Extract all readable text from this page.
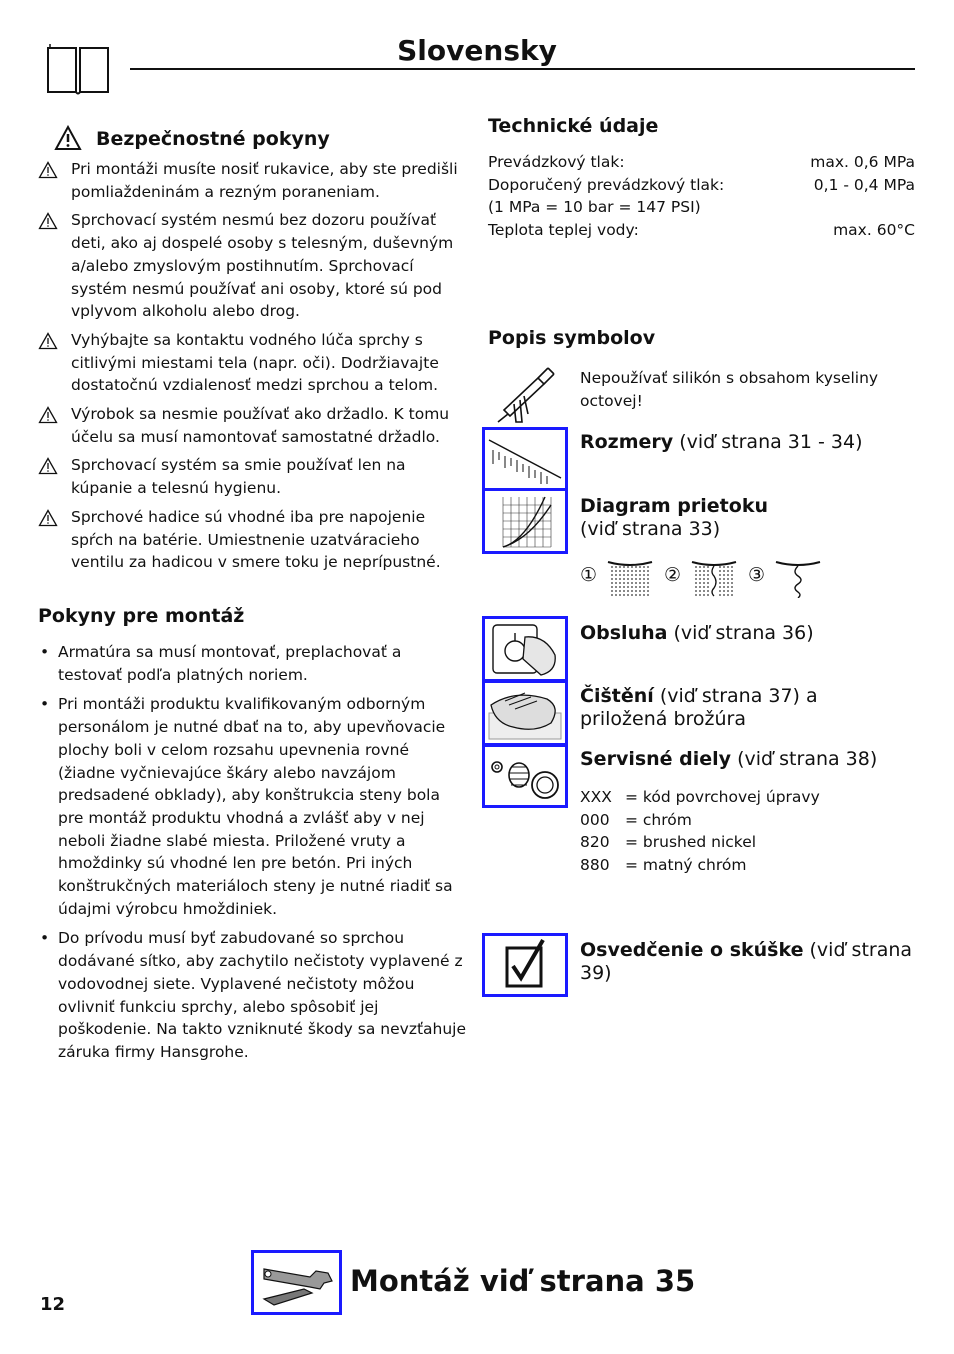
Slovensky
Bezpečnostné pokyny
Pri montáži musíte nosiť rukavice, aby ste predišli pomliaždeninám a rezným poraneniam.
Sprchovací systém nesmú bez dozoru používať deti, ako aj dospelé osoby s telesným, duševným a/alebo zmyslovým postihnutím. Sprchovací systém nesmú používať ani osoby, ktoré sú pod vplyvom alkoholu alebo drog.
Vyhýbajte sa kontaktu vodného lúča sprchy s citlivými miestami tela (napr. oči). Dodržiavajte dostatočnú vzdialenosť medzi sprchou a telom.
Výrobok sa nesmie používať ako držadlo. K tomu účelu sa musí namontovať samostatné držadlo.
Sprchovací systém sa smie používať len na kúpanie a telesnú hygienu.
Sprchové hadice sú vhodné iba pre napojenie spŕch na batérie. Umiestnenie uzatváracieho ventilu za hadicou v smere toku je neprípustné.
Pokyny pre montáž
• Armatúra sa musí montovať, preplachovať a testovať podľa platných noriem.
• Pri montáži produktu kvalifikovaným odborným personálom je nutné dbať na to, aby upevňovacie plochy boli v celom rozsahu upevnenia rovné (žiadne vyčnievajúce škáry alebo navzájom predsadené obklady), aby konštrukcia steny bola pre montáž produktu vhodná a zvlášť aby v nej neboli žiadne slabé miesta. Priložené vruty a hmoždinky sú vhodné len pre betón. Pri iných konštrukčných materiáloch steny je nutné riadiť sa údajmi výrobcu hmoždiniek.
• Do prívodu musí byť zabudované so sprchou dodávané sítko, aby zachytilo nečistoty vyplavené z vodovodnej siete. Vyplavené nečistoty môžou ovlivniť funkciu sprchy, alebo spôsobiť jej poškodenie. Na takto vzniknuté škody sa nevzťahuje záruka firmy Hansgrohe.
Technické údaje
Prevádzkový tlak:	max. 0,6 MPa
Doporučený prevádzkový tlak:	0,1 - 0,4 MPa
(1 MPa = 10 bar = 147 PSI)
Teplota teplej vody:	max. 60°C
Popis symbolov
Nepoužívať silikón s obsahom kyseliny octovej!
Rozmery (viď strana 31 - 34)
Diagram prietoku
(viď strana 33)
①	②	③
Obsluha (viď strana 36)
Čištění (viď strana 37) a priložená brožúra
Servisné diely (viď strana 38)
XXX = kód povrchovej úpravy
000 = chróm
820 = brushed nickel
880 = matný chróm
Osvedčenie o skúške (viď strana 39)
12
Montáž viď strana 35
